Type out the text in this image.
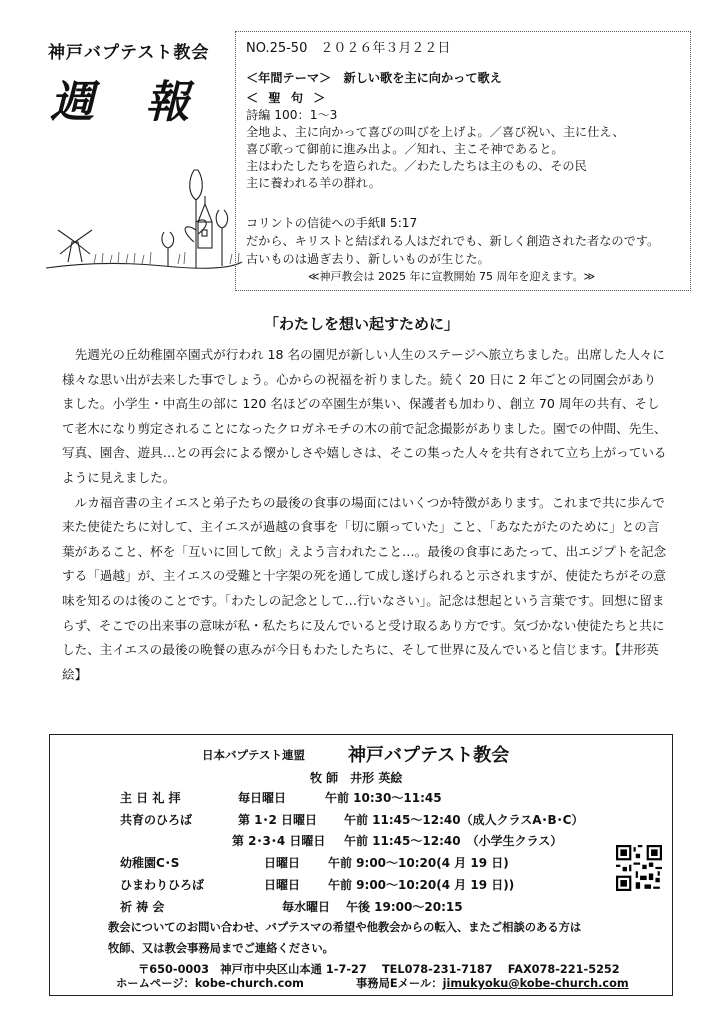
神戸バプテスト教会
週 報
NO.25-50　２０２６年３月２２日
＜年間テーマ＞　新しい歌を主に向かって歌え
＜ 聖 句 ＞
詩編 100：1～3
全地よ、主に向かって喜びの叫びを上げよ。／喜び祝い、主に仕え、
喜び歌って御前に進み出よ。／知れ、主こそ神であると。
主はわたしたちを造られた。／わたしたちは主のもの、その民
主に養われる羊の群れ。
コリントの信徒への手紙Ⅱ 5:17
だから、キリストと結ばれる人はだれでも、新しく創造された者なのです。
古いものは過ぎ去り、新しいものが生じた。
≪神戸教会は 2025 年に宣教開始 75 周年を迎えます。≫
「わたしを想い起すために」

先週光の丘幼稚園卒園式が行われ 18 名の園児が新しい人生のステージへ旅立ちました。出席した人々に様々な思い出が去来した事でしょう。心からの祝福を祈りました。続く 20 日に 2 年ごとの同園会がありました。小学生・中高生の部に 120 名ほどの卒園生が集い、保護者も加わり、創立 70 周年の共有、そして老木になり剪定されることになったクロガネモチの木の前で記念撮影がありました。園での仲間、先生、写真、園舎、遊具…との再会による懐かしさや嬉しさは、そこの集った人々を共有されて立ち上がっているように見えました。

ルカ福音書の主イエスと弟子たちの最後の食事の場面にはいくつか特徴があります。これまで共に歩んで来た使徒たちに対して、主イエスが過越の食事を「切に願っていた」こと、「あなたがたのために」との言葉があること、杯を「互いに回して飲」えよう言われたこと…。最後の食事にあたって、出エジプトを記念する「過越」が、主イエスの受難と十字架の死を通して成し遂げられると示されますが、使徒たちがその意味を知るのは後のことです。「わたしの記念として…行いなさい」。記念は想起という言葉です。回想に留まらず、そこでの出来事の意味が私・私たちに及んでいると受け取るあり方です。気づかない使徒たちと共にした、主イエスの最後の晩餐の恵みが今日もわたしたちに、そして世界に及んでいると信じます。【井形英絵】

日本バプテスト連盟 神戸バプテスト教会
牧 師　井形 英絵
主 日 礼 拝	毎日曜日	午前 10:30～11:45
共育のひろば	第 1･2 日曜日 午前 11:45～12:40（成人クラスA･B･C）
第 2･3･4 日曜日 午前 11:45～12:40　（小学生クラス）
幼稚園C･S	日曜日 午前 9:00～10:20(4 月 19 日)
ひまわりひろば	日曜日 午前 9:00～10:20(4 月 19 日))
祈 祷 会	毎水曜日 午後 19:00～20:15
教会についてのお問い合わせ、バプテスマの希望や他教会からの転入、またご相談のある方は
牧師、又は教会事務局までご連絡ください。
〒650-0003　神戸市中央区山本通 1-7-27　 TEL078-231-7187　 FAX078-221-5252
ホームページ：kobe-church.com	事務局Eメール：jimukyoku@kobe-church.com
